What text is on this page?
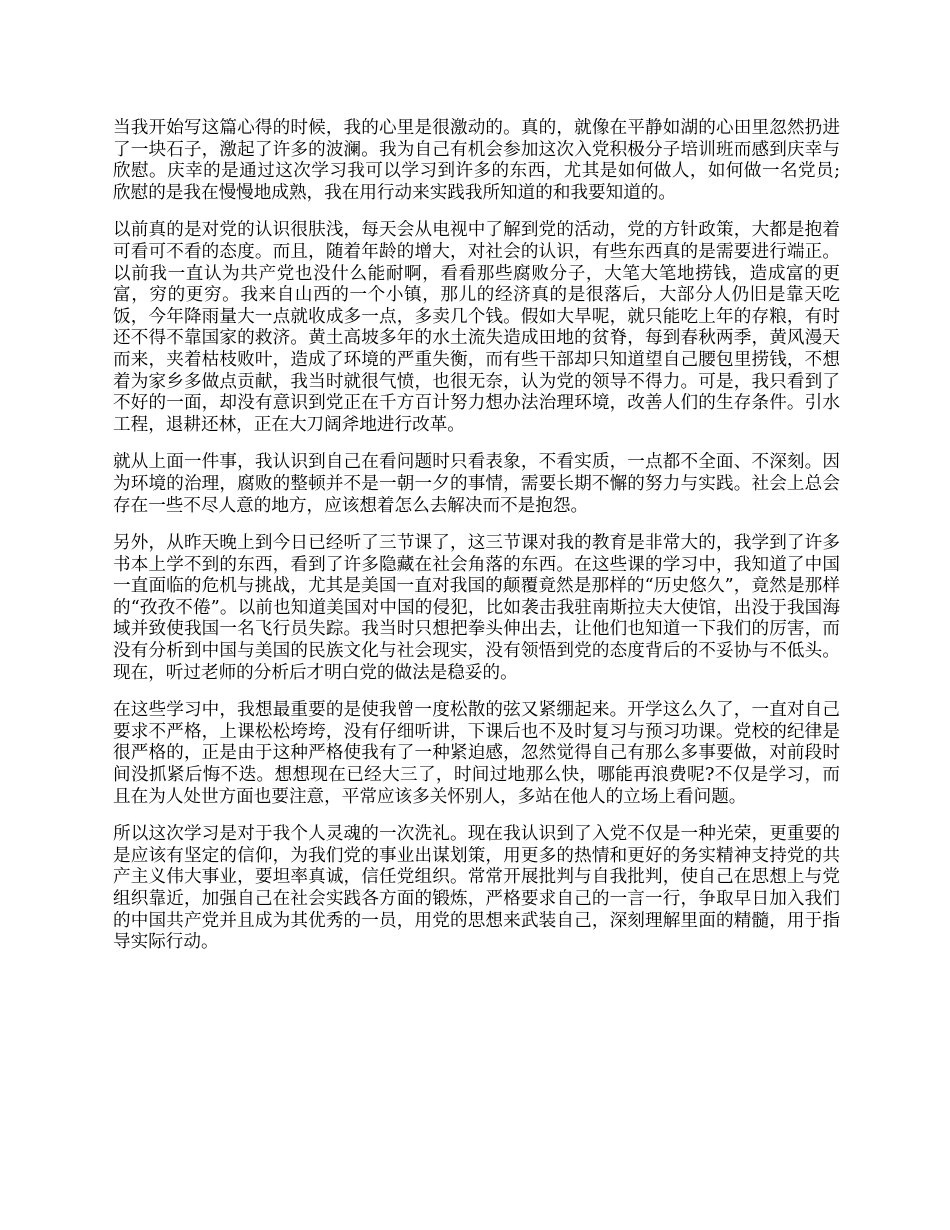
当我开始写这篇心得的时候，我的心里是很激动的。真的，就像在平静如湖的心田里忽然扔进了一块石子，激起了许多的波澜。我为自己有机会参加这次入党积极分子培训班而感到庆幸与欣慰。庆幸的是通过这次学习我可以学习到许多的东西，尤其是如何做人，如何做一名党员;欣慰的是我在慢慢地成熟，我在用行动来实践我所知道的和我要知道的。

以前真的是对党的认识很肤浅，每天会从电视中了解到党的活动，党的方针政策，大都是抱着可看可不看的态度。而且，随着年龄的增大，对社会的认识，有些东西真的是需要进行端正。以前我一直认为共产党也没什么能耐啊，看看那些腐败分子，大笔大笔地捞钱，造成富的更富，穷的更穷。我来自山西的一个小镇，那儿的经济真的是很落后，大部分人仍旧是靠天吃饭，今年降雨量大一点就收成多一点，多卖几个钱。假如大旱呢，就只能吃上年的存粮，有时还不得不靠国家的救济。黄土高坡多年的水土流失造成田地的贫脊，每到春秋两季，黄风漫天而来，夹着枯枝败叶，造成了环境的严重失衡，而有些干部却只知道望自己腰包里捞钱，不想着为家乡多做点贡献，我当时就很气愤，也很无奈，认为党的领导不得力。可是，我只看到了不好的一面，却没有意识到党正在千方百计努力想办法治理环境，改善人们的生存条件。引水工程，退耕还林，正在大刀阔斧地进行改革。

就从上面一件事，我认识到自己在看问题时只看表象，不看实质，一点都不全面、不深刻。因为环境的治理，腐败的整顿并不是一朝一夕的事情，需要长期不懈的努力与实践。社会上总会存在一些不尽人意的地方，应该想着怎么去解决而不是抱怨。

另外，从昨天晚上到今日已经听了三节课了，这三节课对我的教育是非常大的，我学到了许多书本上学不到的东西，看到了许多隐藏在社会角落的东西。在这些课的学习中，我知道了中国一直面临的危机与挑战，尤其是美国一直对我国的颠覆竟然是那样的“历史悠久”，竟然是那样的“孜孜不倦”。以前也知道美国对中国的侵犯，比如袭击我驻南斯拉夫大使馆，出没于我国海域并致使我国一名飞行员失踪。我当时只想把拳头伸出去，让他们也知道一下我们的厉害，而没有分析到中国与美国的民族文化与社会现实，没有领悟到党的态度背后的不妥协与不低头。现在，听过老师的分析后才明白党的做法是稳妥的。

在这些学习中，我想最重要的是使我曾一度松散的弦又紧绷起来。开学这么久了，一直对自己要求不严格，上课松松垮垮，没有仔细听讲，下课后也不及时复习与预习功课。党校的纪律是很严格的，正是由于这种严格使我有了一种紧迫感，忽然觉得自己有那么多事要做，对前段时间没抓紧后悔不迭。想想现在已经大三了，时间过地那么快，哪能再浪费呢?不仅是学习，而且在为人处世方面也要注意，平常应该多关怀别人，多站在他人的立场上看问题。

所以这次学习是对于我个人灵魂的一次洗礼。现在我认识到了入党不仅是一种光荣，更重要的是应该有坚定的信仰，为我们党的事业出谋划策，用更多的热情和更好的务实精神支持党的共产主义伟大事业，要坦率真诚，信任党组织。常常开展批判与自我批判，使自己在思想上与党组织靠近，加强自己在社会实践各方面的锻炼，严格要求自己的一言一行，争取早日加入我们的中国共产党并且成为其优秀的一员，用党的思想来武装自己，深刻理解里面的精髓，用于指导实际行动。
